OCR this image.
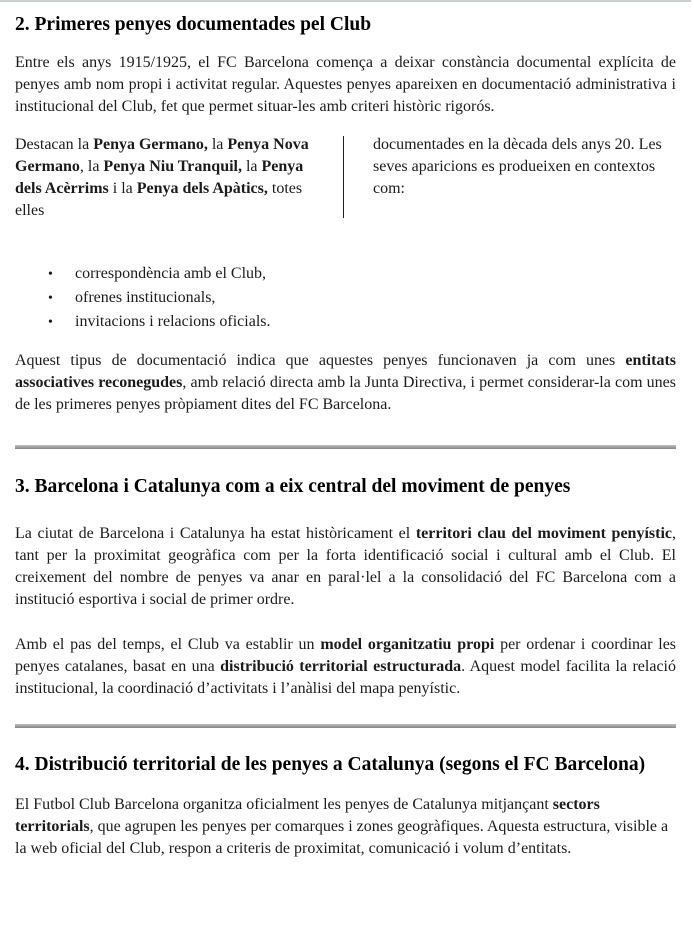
2. Primeres penyes documentades pel Club

Entre els anys 1915/1925, el FC Barcelona comença a deixar constància documental explícita de penyes amb nom propi i activitat regular. Aquestes penyes apareixen en documentació administrativa i institucional del Club, fet que permet situar-les amb criteri històric rigorós.

Destacan la Penya Germano, la Penya Nova Germano, la Penya Niu Tranquil, la Penya dels Acèrrims i la Penya dels Apàtics, totes elles
documentades en la dècada dels anys 20. Les seves aparicions es produeixen en contextos com:
• correspondència amb el Club,
• ofrenes institucionals,
• invitacions i relacions oficials.

Aquest tipus de documentació indica que aquestes penyes funcionaven ja com unes entitats associatives reconegudes, amb relació directa amb la Junta Directiva, i permet considerar-la com unes de les primeres penyes pròpiament dites del FC Barcelona.

3. Barcelona i Catalunya com a eix central del moviment de penyes

La ciutat de Barcelona i Catalunya ha estat històricament el territori clau del moviment penyístic, tant per la proximitat geogràfica com per la forta identificació social i cultural amb el Club. El creixement del nombre de penyes va anar en paral·lel a la consolidació del FC Barcelona com a institució esportiva i social de primer ordre.

Amb el pas del temps, el Club va establir un model organitzatiu propi per ordenar i coordinar les penyes catalanes, basat en una distribució territorial estructurada. Aquest model facilita la relació institucional, la coordinació d’activitats i l’anàlisi del mapa penyístic.

4. Distribució territorial de les penyes a Catalunya (segons el FC Barcelona)

El Futbol Club Barcelona organitza oficialment les penyes de Catalunya mitjançant sectors territorials, que agrupen les penyes per comarques i zones geogràfiques. Aquesta estructura, visible a la web oficial del Club, respon a criteris de proximitat, comunicació i volum d’entitats.
